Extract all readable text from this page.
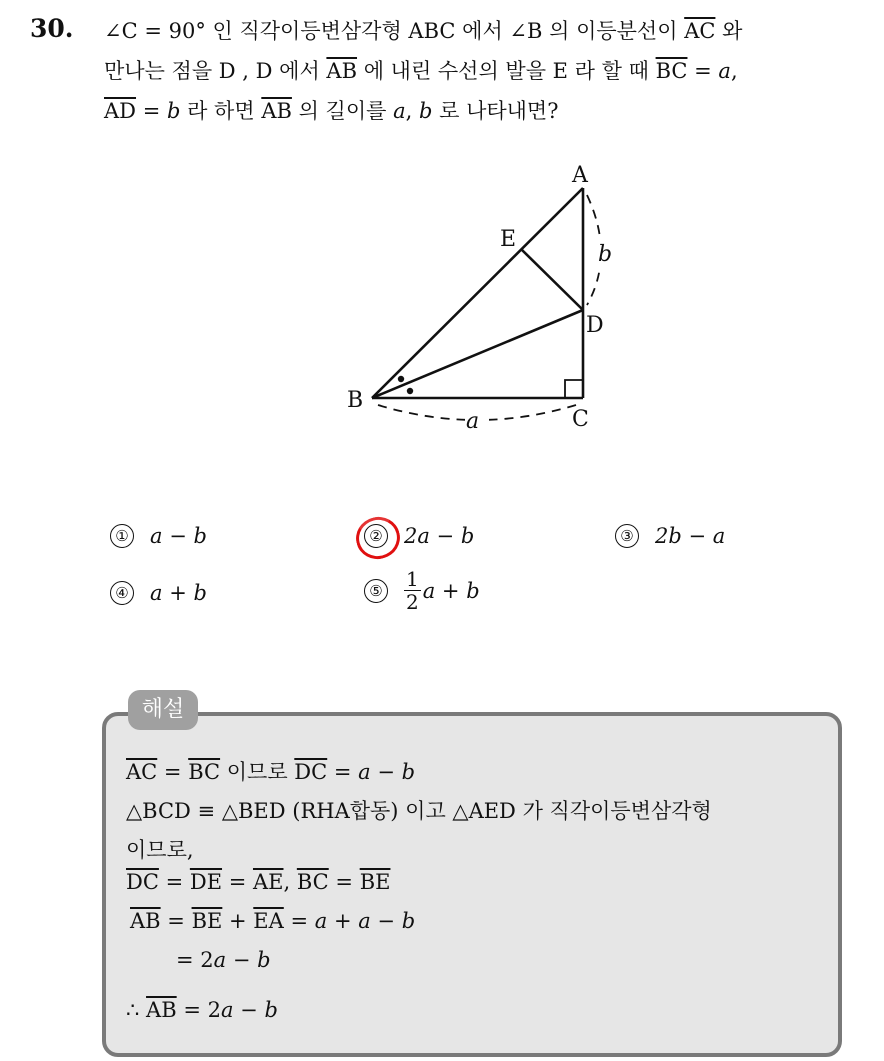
30. ∠C = 90° 인 직각이등변삼각형 ABC 에서 ∠B 의 이등분선이 $\overline{AC}$ 와
만나는 점을 D , D 에서 $\overline{AB}$ 에 내린 수선의 발을 E 라 할 때 $\overline{BC} = a$,
$\overline{AD} = b$ 라 하면 $\overline{AB}$ 의 길이를 a, b 로 나타내면?
A
E
D
B
C
a
b
① a − b	② 2a − b	③ 2b − a
④ a + b	⑤ $\frac{1}{2}$ a + b
해설
$\overline{AC} = \overline{BC}$ 이므로 $\overline{DC} = a - b$
△BCD ≡ △BED (RHA합동) 이고 △AED 가 직각이등변삼각형
이므로,
$\overline{DC} = \overline{DE} = \overline{AE}$, $\overline{BC} = \overline{BE}$
$\overline{AB} = \overline{BE} + \overline{EA} = a + a - b$
= 2a − b
∴ $\overline{AB} = 2a - b$
